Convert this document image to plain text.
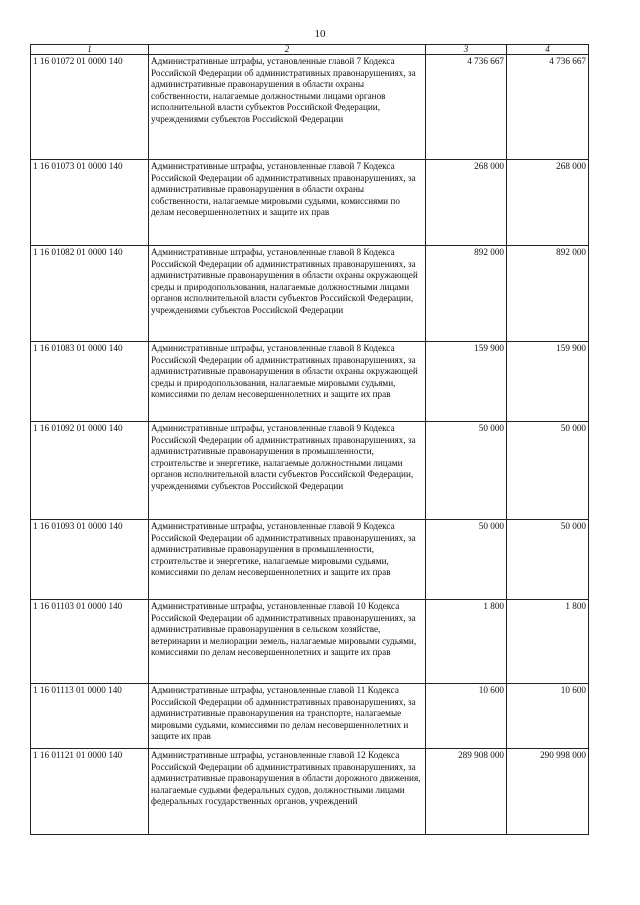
10
1	2	3	4
1 16 01072 01 0000 140	Административные штрафы, установленные главой 7 Кодекса Российской Федерации об административных правонарушениях, за административные правонарушения в области охраны собственности, налагаемые должностными лицами органов исполнительной власти субъектов Российской Федерации, учреждениями субъектов Российской Федерации	4 736 667	4 736 667
1 16 01073 01 0000 140	Административные штрафы, установленные главой 7 Кодекса Российской Федерации об административных правонарушениях, за административные правонарушения в области охраны собственности, налагаемые мировыми судьями, комиссиями по делам несовершеннолетних и защите их прав	268 000	268 000
1 16 01082 01 0000 140	Административные штрафы, установленные главой 8 Кодекса Российской Федерации об административных правонарушениях, за административные правонарушения в области охраны окружающей среды и природопользования, налагаемые должностными лицами органов исполнительной власти субъектов Российской Федерации, учреждениями субъектов Российской Федерации	892 000	892 000
1 16 01083 01 0000 140	Административные штрафы, установленные главой 8 Кодекса Российской Федерации об административных правонарушениях, за административные правонарушения в области охраны окружающей среды и природопользования, налагаемые мировыми судьями, комиссиями по делам несовершеннолетних и защите их прав	159 900	159 900
1 16 01092 01 0000 140	Административные штрафы, установленные главой 9 Кодекса Российской Федерации об административных правонарушениях, за административные правонарушения в промышленности, строительстве и энергетике, налагаемые должностными лицами органов исполнительной власти субъектов Российской Федерации, учреждениями субъектов Российской Федерации	50 000	50 000
1 16 01093 01 0000 140	Административные штрафы, установленные главой 9 Кодекса Российской Федерации об административных правонарушениях, за административные правонарушения в промышленности, строительстве и энергетике, налагаемые мировыми судьями, комиссиями по делам несовершеннолетних и защите их прав	50 000	50 000
1 16 01103 01 0000 140	Административные штрафы, установленные главой 10 Кодекса Российской Федерации об административных правонарушениях, за административные правонарушения в сельском хозяйстве, ветеринарии и мелиорации земель, налагаемые мировыми судьями, комиссиями по делам несовершеннолетних и защите их прав	1 800	1 800
1 16 01113 01 0000 140	Административные штрафы, установленные главой 11 Кодекса Российской Федерации об административных правонарушениях, за административные правонарушения на транспорте, налагаемые мировыми судьями, комиссиями по делам несовершеннолетних и защите их прав	10 600	10 600
1 16 01121 01 0000 140	Административные штрафы, установленные главой 12 Кодекса Российской Федерации об административных правонарушениях, за административные правонарушения в области дорожного движения, налагаемые судьями федеральных судов, должностными лицами федеральных государственных органов, учреждений	289 908 000	290 998 000
